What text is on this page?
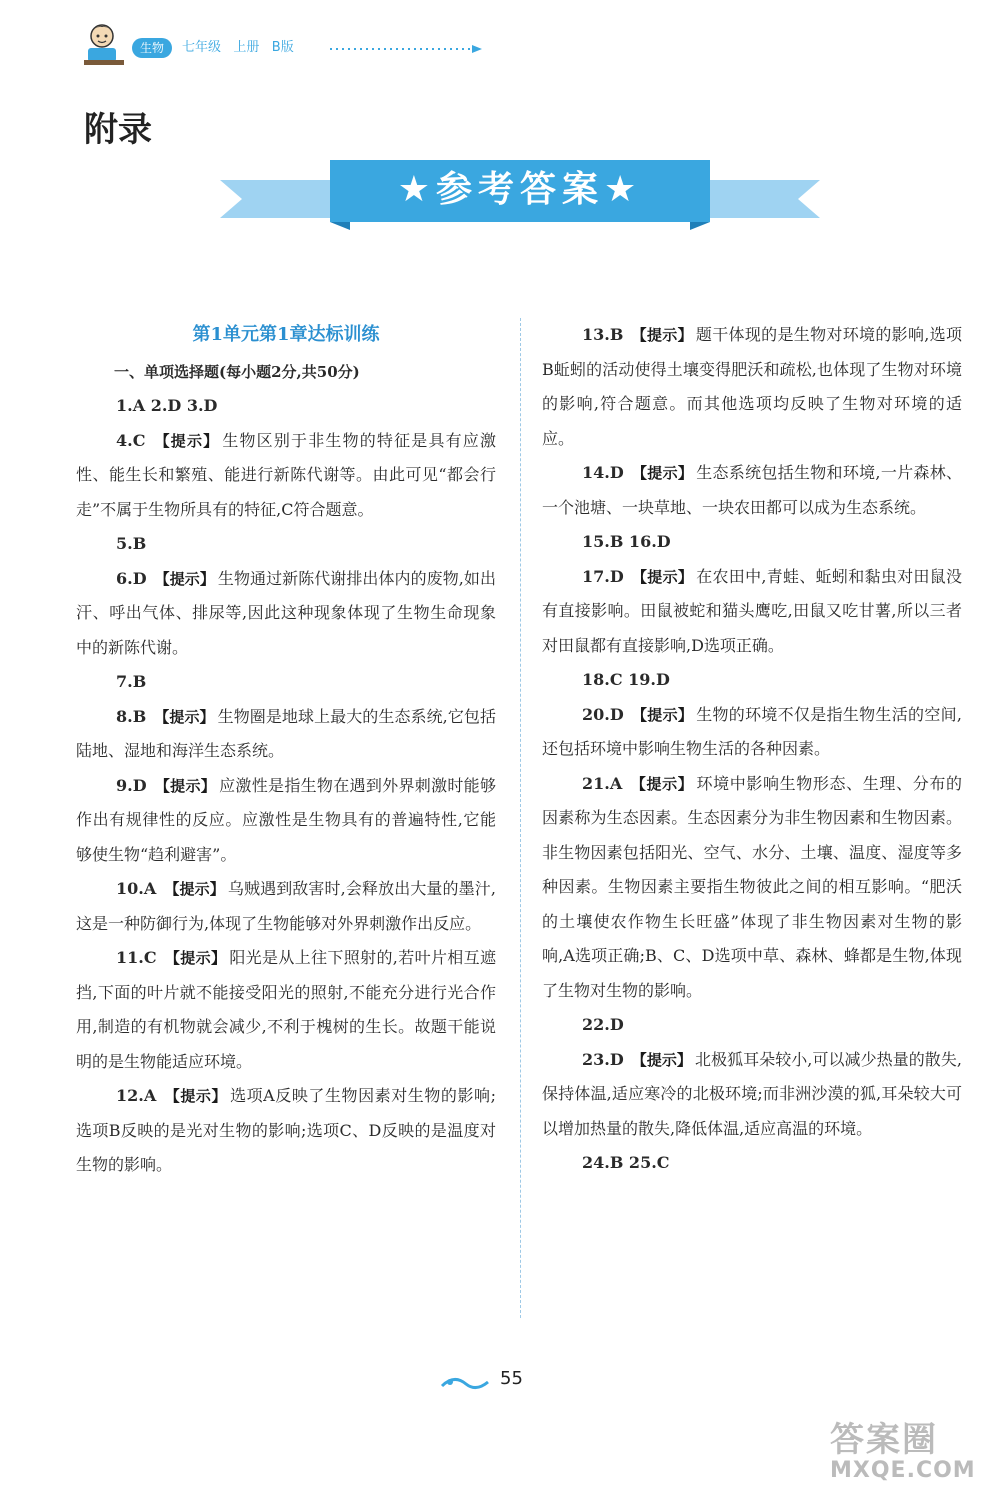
生物	七年级   上册   B版
附录
★参考答案★
第1单元第1章达标训练
一、单项选择题(每小题2分,共50分)

1.A 2.D 3.D

4.C 【提示】 生物区别于非生物的特征是具有应激性、能生长和繁殖、能进行新陈代谢等。由此可见“都会行走”不属于生物所具有的特征,C符合题意。

5.B

6.D 【提示】 生物通过新陈代谢排出体内的废物,如出汗、呼出气体、排尿等,因此这种现象体现了生物生命现象中的新陈代谢。

7.B

8.B 【提示】 生物圈是地球上最大的生态系统,它包括陆地、湿地和海洋生态系统。

9.D 【提示】 应激性是指生物在遇到外界刺激时能够作出有规律性的反应。应激性是生物具有的普遍特性,它能够使生物“趋利避害”。

10.A 【提示】 乌贼遇到敌害时,会释放出大量的墨汁,这是一种防御行为,体现了生物能够对外界刺激作出反应。

11.C 【提示】 阳光是从上往下照射的,若叶片相互遮挡,下面的叶片就不能接受阳光的照射,不能充分进行光合作用,制造的有机物就会减少,不利于槐树的生长。故题干能说明的是生物能适应环境。

12.A 【提示】 选项A反映了生物因素对生物的影响;选项B反映的是光对生物的影响;选项C、D反映的是温度对生物的影响。

13.B 【提示】 题干体现的是生物对环境的影响,选项B蚯蚓的活动使得土壤变得肥沃和疏松,也体现了生物对环境的影响,符合题意。而其他选项均反映了生物对环境的适应。

14.D 【提示】 生态系统包括生物和环境,一片森林、一个池塘、一块草地、一块农田都可以成为生态系统。

15.B 16.D

17.D 【提示】 在农田中,青蛙、蚯蚓和黏虫对田鼠没有直接影响。田鼠被蛇和猫头鹰吃,田鼠又吃甘薯,所以三者对田鼠都有直接影响,D选项正确。

18.C 19.D

20.D 【提示】 生物的环境不仅是指生物生活的空间,还包括环境中影响生物生活的各种因素。

21.A 【提示】 环境中影响生物形态、生理、分布的因素称为生态因素。生态因素分为非生物因素和生物因素。非生物因素包括阳光、空气、水分、土壤、温度、湿度等多种因素。生物因素主要指生物彼此之间的相互影响。“肥沃的土壤使农作物生长旺盛”体现了非生物因素对生物的影响,A选项正确;B、C、D选项中草、森林、蜂都是生物,体现了生物对生物的影响。

22.D

23.D 【提示】 北极狐耳朵较小,可以减少热量的散失,保持体温,适应寒冷的北极环境;而非洲沙漠的狐,耳朵较大可以增加热量的散失,降低体温,适应高温的环境。

24.B 25.C

55
答案圈
MXQE.COM
